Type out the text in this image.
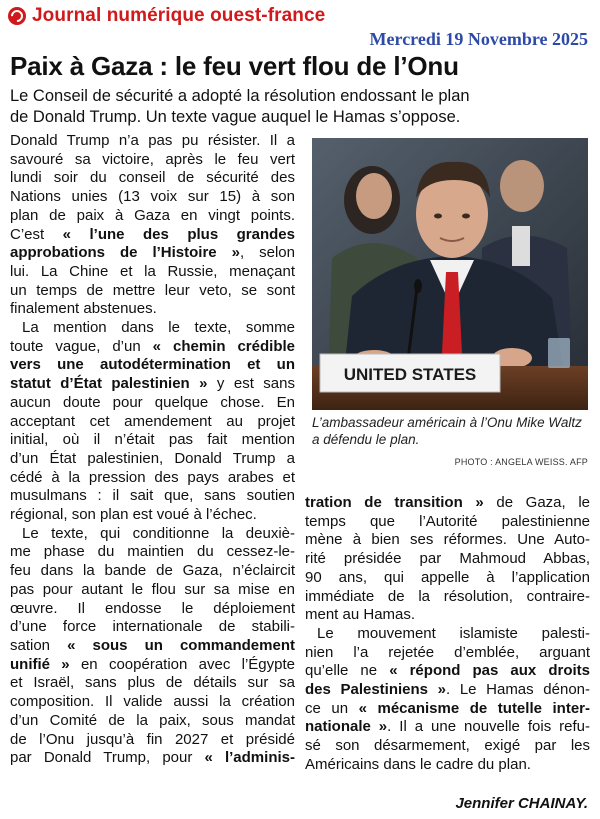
Journal numérique ouest-france
Mercredi 19 Novembre 2025
Paix à Gaza : le feu vert flou de l’Onu
Le Conseil de sécurité a adopté la résolution endossant le plan
de Donald Trump. Un texte vague auquel le Hamas s’oppose.
Donald Trump n’a pas pu résister. Il a
savouré sa victoire, après le feu vert
lundi soir du conseil de sécurité des
Nations unies (13 voix sur 15) à son
plan de paix à Gaza en vingt points.
C’est « l’une des plus grandes
approbations de l’Histoire », selon
lui. La Chine et la Russie, menaçant
un temps de mettre leur veto, se sont
finalement abstenues.
La mention dans le texte, somme
toute vague, d’un « chemin crédible
vers une autodétermination et un
statut d’État palestinien » y est sans
aucun doute pour quelque chose. En
acceptant cet amendement au projet
initial, où il n’était pas fait mention
d’un État palestinien, Donald Trump a
cédé à la pression des pays arabes et
musulmans : il sait que, sans soutien
régional, son plan est voué à l’échec.
Le texte, qui conditionne la deuxiè-
me phase du maintien du cessez-le-
feu dans la bande de Gaza, n’éclaircit
pas pour autant le flou sur sa mise en
œuvre. Il endosse le déploiement
d’une force internationale de stabili-
sation « sous un commandement
unifié » en coopération avec l’Égypte
et Israël, sans plus de détails sur sa
composition. Il valide aussi la création
d’un Comité de la paix, sous mandat
de l’Onu jusqu’à fin 2027 et présidé
par Donald Trump, pour « l’adminis-
UNITED STATES
L’ambassadeur américain à l’Onu Mike Waltz a défendu le plan.
PHOTO : ANGELA WEISS. AFP
tration de transition » de Gaza, le
temps que l’Autorité palestinienne
mène à bien ses réformes. Une Auto-
rité présidée par Mahmoud Abbas,
90 ans, qui appelle à l’application
immédiate de la résolution, contraire-
ment au Hamas.
Le mouvement islamiste palesti-
nien l’a rejetée d’emblée, arguant
qu’elle ne « répond pas aux droits
des Palestiniens ». Le Hamas dénon-
ce un « mécanisme de tutelle inter-
nationale ». Il a une nouvelle fois refu-
sé son désarmement, exigé par les
Américains dans le cadre du plan.
Jennifer CHAINAY.
